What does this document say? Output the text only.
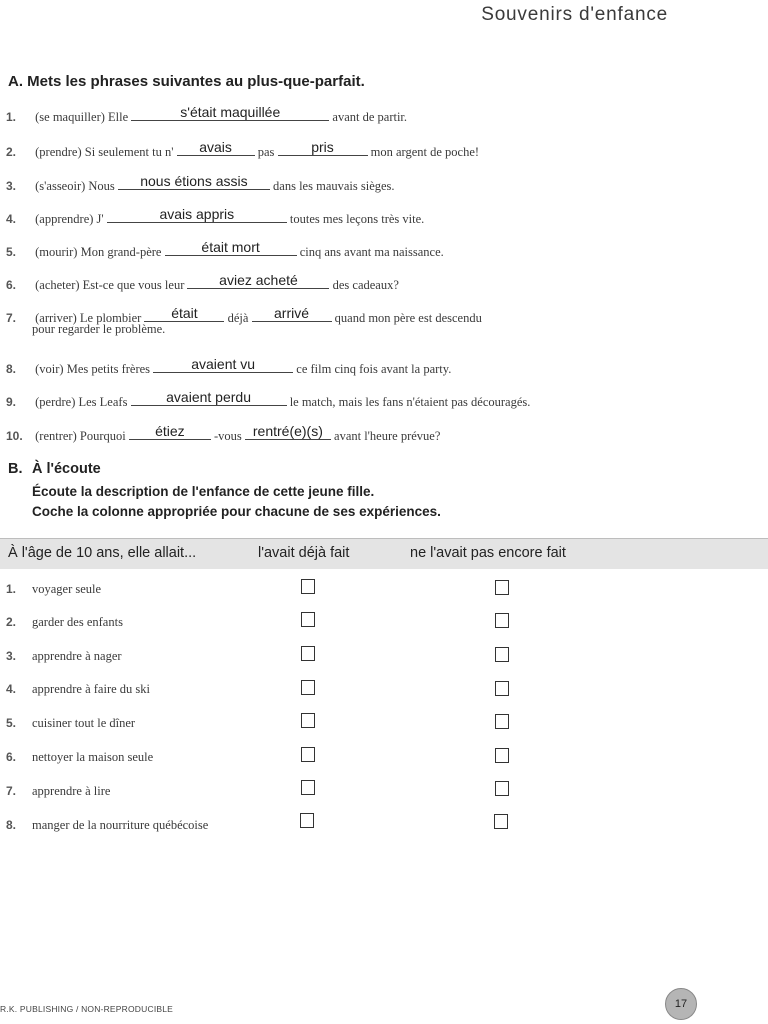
Souvenirs d'enfance
A. Mets les phrases suivantes au plus-que-parfait.
1. (se maquiller) Elle	s'était maquillée	avant de partir.
2. (prendre) Si seulement tu n'	avais	pas	pris	mon argent de poche!
3. (s'asseoir) Nous	nous étions assis	dans les mauvais sièges.
4. (apprendre) J'	avais appris	toutes mes leçons très vite.
5. (mourir) Mon grand-père	était mort	cinq ans avant ma naissance.
6. (acheter) Est-ce que vous leur	aviez acheté	des cadeaux?
7. (arriver) Le plombier	était	déjà	arrivé	quand mon père est descendu
pour regarder le problème.
8. (voir) Mes petits frères	avaient vu	ce film cinq fois avant la party.
9. (perdre) Les Leafs	avaient perdu	le match, mais les fans n'étaient pas découragés.
10. (rentrer) Pourquoi	étiez	-vous rentré(e)(s) avant l'heure prévue?
B. À l'écoute
Écoute la description de l'enfance de cette jeune fille.
Coche la colonne appropriée pour chacune de ses expériences.
À l'âge de 10 ans, elle allait...	l'avait déjà fait	ne l'avait pas encore fait
1. voyager seule
2. garder des enfants
3. apprendre à nager
4. apprendre à faire du ski
5. cuisiner tout le dîner
6. nettoyer la maison seule
7. apprendre à lire
8. manger de la nourriture québécoise
R.K. PUBLISHING / NON-REPRODUCIBLE	17
